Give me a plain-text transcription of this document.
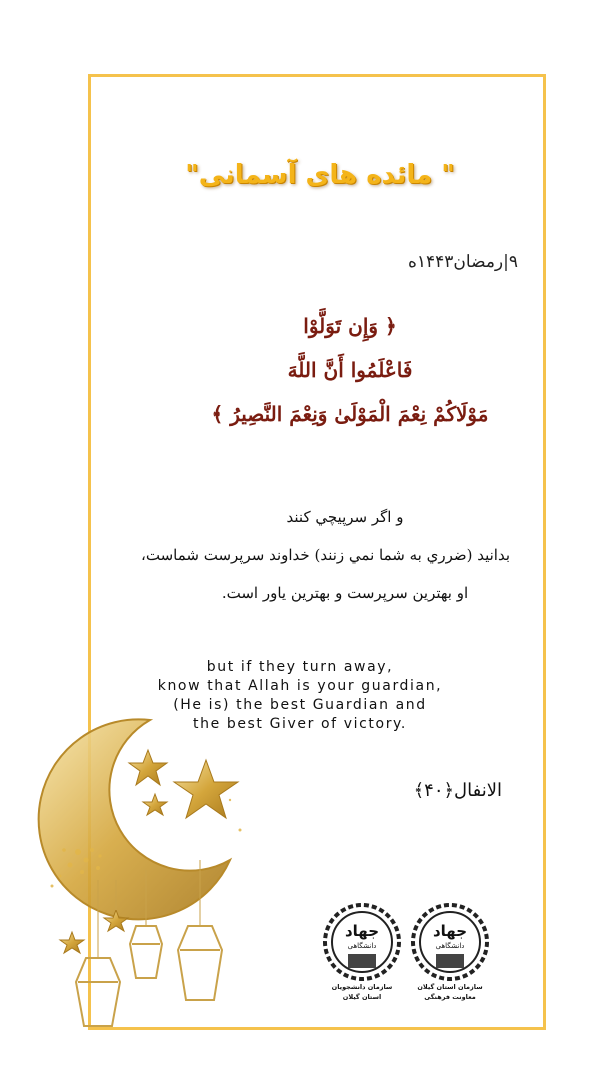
" مائده های آسمانی"
۹|رمضان۱۴۴۳ه
﴿ وَإِن تَوَلَّوْا
فَاعْلَمُوا أَنَّ اللَّهَ
مَوْلَاكُمْ نِعْمَ الْمَوْلَىٰ وَنِعْمَ النَّصِيرُ ﴾
و اگر سرپيچي كنند
بدانيد (ضرري به شما نمي زنند) خداوند سرپرست شماست،
او بهترين سرپرست و بهترين ياور است.
but if they turn away,
know that Allah is your guardian,
(He is) the best Guardian and
the best Giver of victory.
الانفال﴿۴۰﴾
جهاد
دانشگاهی
سازمان دانشجویان
استان گیلان
جهاد
دانشگاهی
سازمان استان گیلان
معاونت فرهنگی
